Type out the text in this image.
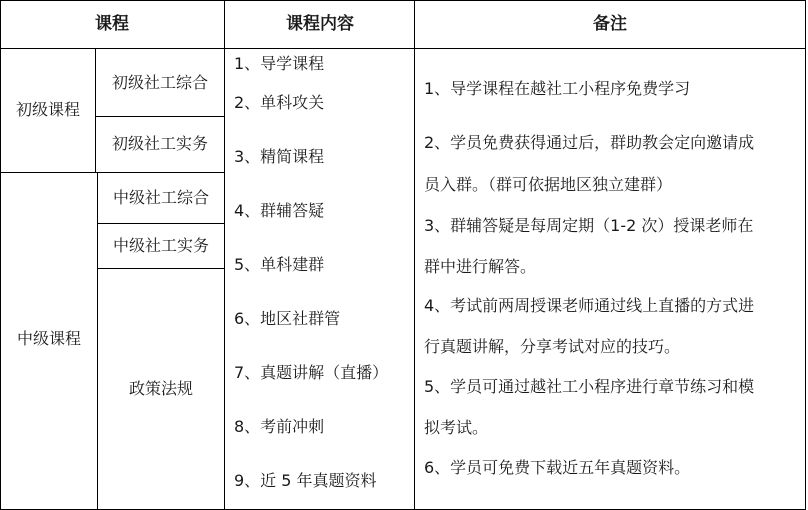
课程	课程内容	备注
初级课程
中级课程
初级社工综合
初级社工实务
中级社工综合
中级社工实务
政策法规
1、导学课程
2、单科攻关
3、精简课程
4、群辅答疑
5、单科建群
6、地区社群管
7、真题讲解（直播）
8、考前冲刺
9、近 5 年真题资料
1、导学课程在越社工小程序免费学习
2、学员免费获得通过后，群助教会定向邀请成
员入群。（群可依据地区独立建群）
3、群辅答疑是每周定期（1-2 次）授课老师在
群中进行解答。
4、考试前两周授课老师通过线上直播的方式进
行真题讲解，分享考试对应的技巧。
5、学员可通过越社工小程序进行章节练习和模
拟考试。
6、学员可免费下载近五年真题资料。
